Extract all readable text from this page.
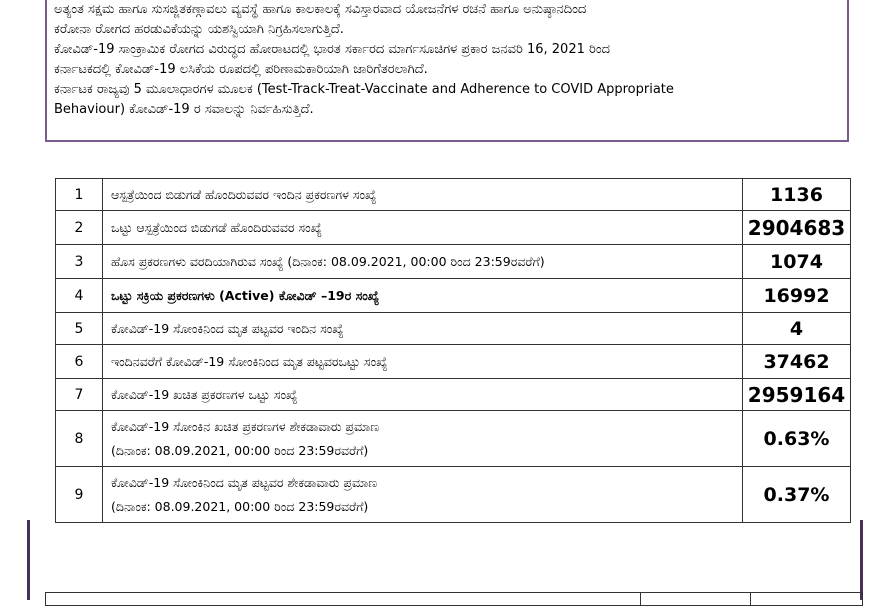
ಅತ್ಯಂತ ಸಕ್ಷಮ ಹಾಗೂ ಸುಸಜ್ಜಿತಕಣ್ಗಾವಲು ವ್ಯವಸ್ಥೆ ಹಾಗೂ ಕಾಲಕಾಲಕ್ಕೆ ಸವಿಸ್ತಾರವಾದ ಯೋಜನೆಗಳ ರಚನೆ ಹಾಗೂ ಅನುಷ್ಠಾನದಿಂದ

ಕರೋನಾ ರೋಗದ ಹರಡುವಿಕೆಯನ್ನು ಯಶಸ್ವಿಯಾಗಿ ನಿಗ್ರಹಿಸಲಾಗುತ್ತಿದೆ.

ಕೋವಿಡ್-19 ಸಾಂಕ್ರಾಮಿಕ ರೋಗದ ವಿರುದ್ಧದ ಹೋರಾಟದಲ್ಲಿ ಭಾರತ ಸರ್ಕಾರದ ಮಾರ್ಗಸೂಚಿಗಳ ಪ್ರಕಾರ ಜನವರಿ 16, 2021 ರಿಂದ

ಕರ್ನಾಟಕದಲ್ಲಿ ಕೋವಿಡ್-19 ಲಸಿಕೆಯ ರೂಪದಲ್ಲಿ ಪರಿಣಾಮಕಾರಿಯಾಗಿ ಜಾರಿಗೆತರಲಾಗಿದೆ.

ಕರ್ನಾಟಕ ರಾಜ್ಯವು 5 ಮೂಲಾಧಾರಗಳ ಮೂಲಕ (Test-Track-Treat-Vaccinate and Adherence to COVID Appropriate

Behaviour) ಕೋವಿಡ್-19 ರ ಸವಾಲನ್ನು ನಿರ್ವಹಿಸುತ್ತಿದೆ.

1	ಆಸ್ಪತ್ರೆಯಿಂದ ಬಿಡುಗಡೆ ಹೊಂದಿರುವವರ ಇಂದಿನ ಪ್ರಕರಣಗಳ ಸಂಖ್ಯೆ	1136
2	ಒಟ್ಟು ಆಸ್ಪತ್ರೆಯಿಂದ ಬಿಡುಗಡೆ ಹೊಂದಿರುವವರ ಸಂಖ್ಯೆ	2904683
3	ಹೊಸ ಪ್ರಕರಣಗಳು ವರದಿಯಾಗಿರುವ ಸಂಖ್ಯೆ (ದಿನಾಂಕ: 08.09.2021, 00:00 ರಿಂದ 23:59ರವರೆಗೆ)	1074
4	ಒಟ್ಟು ಸಕ್ರಿಯ ಪ್ರಕರಣಗಳು (Active) ಕೋವಿಡ್ –19ರ ಸಂಖ್ಯೆ	16992
5	ಕೋವಿಡ್-19 ಸೋಂಕಿನಿಂದ ಮೃತ ಪಟ್ಟವರ ಇಂದಿನ ಸಂಖ್ಯೆ	4
6	ಇಂದಿನವರೆಗೆ ಕೋವಿಡ್-19 ಸೋಂಕಿನಿಂದ ಮೃತ ಪಟ್ಟವರಒಟ್ಟು ಸಂಖ್ಯೆ	37462
7	ಕೋವಿಡ್-19 ಖಚಿತ ಪ್ರಕರಣಗಳ ಒಟ್ಟು ಸಂಖ್ಯೆ	2959164
8	ಕೋವಿಡ್-19 ಸೋಂಕಿನ ಖಚಿತ ಪ್ರಕರಣಗಳ ಶೇಕಡಾವಾರು ಪ್ರಮಾಣ
(ದಿನಾಂಕ: 08.09.2021, 00:00 ರಿಂದ 23:59ರವರೆಗೆ)	0.63%
9	ಕೋವಿಡ್-19 ಸೋಂಕಿನಿಂದ ಮೃತ ಪಟ್ಟವರ ಶೇಕಡಾವಾರು ಪ್ರಮಾಣ
(ದಿನಾಂಕ: 08.09.2021, 00:00 ರಿಂದ 23:59ರವರೆಗೆ)	0.37%
